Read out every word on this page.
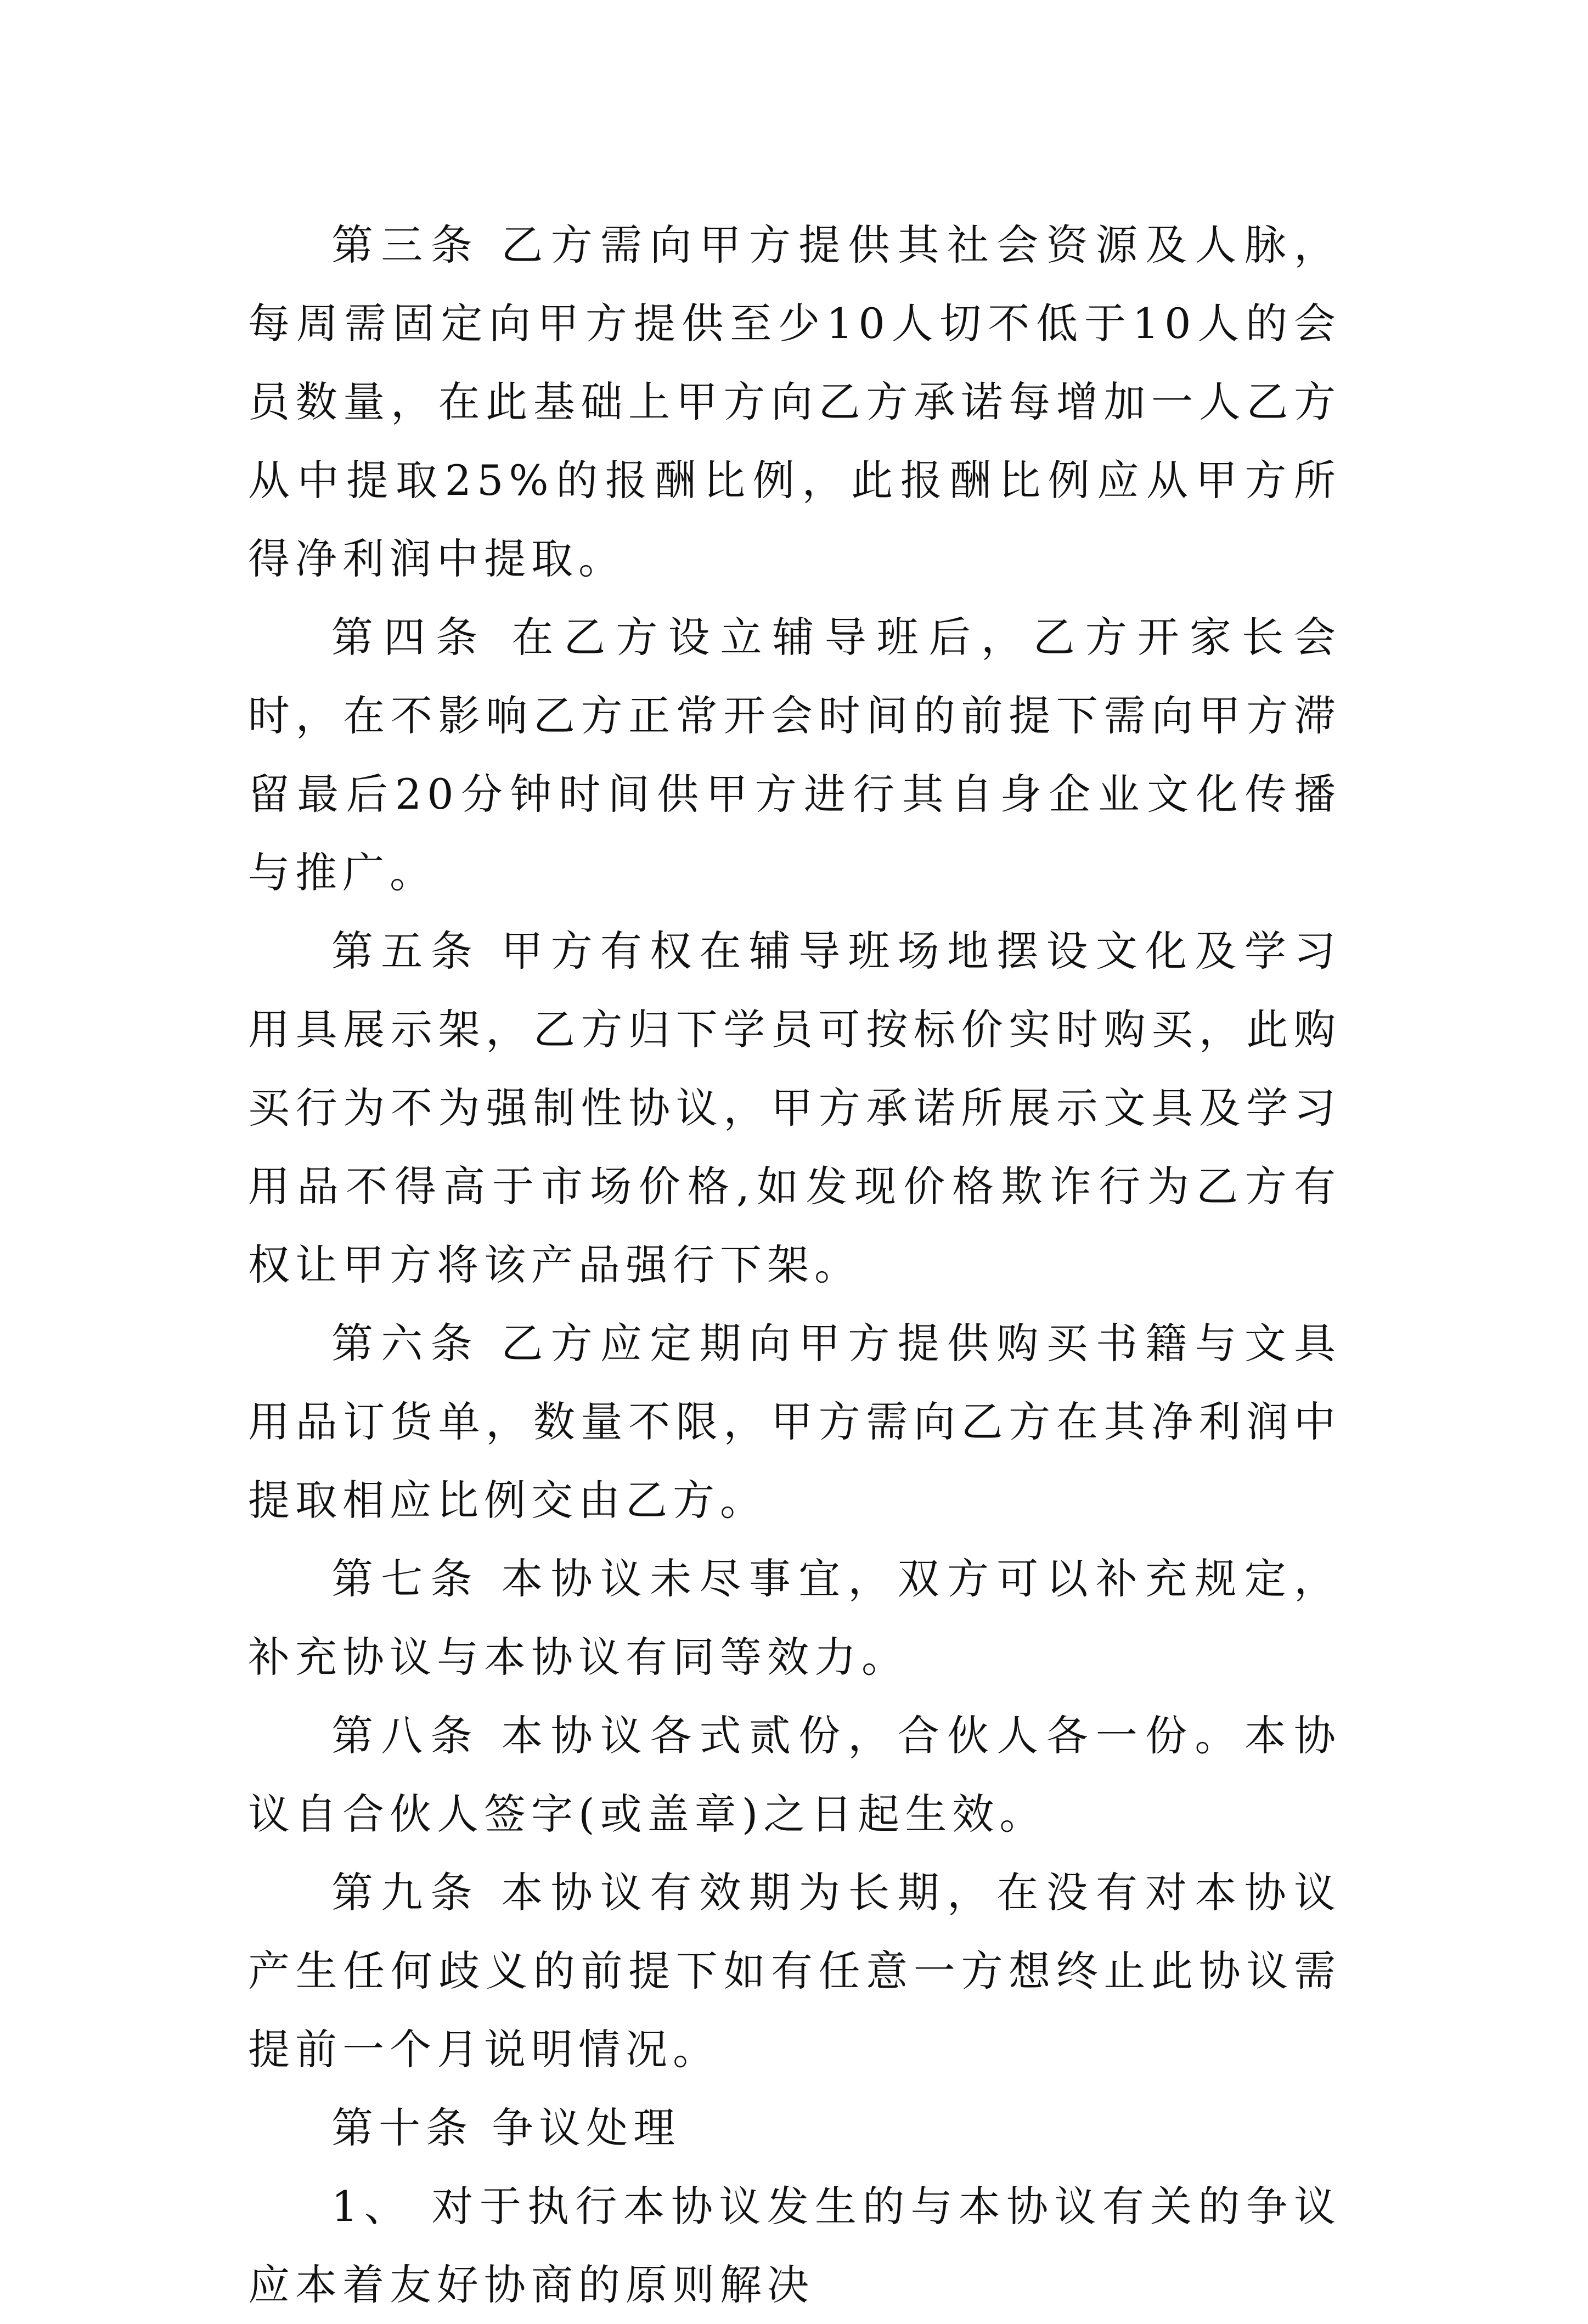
第三条 乙方需向甲方提供其社会资源及人脉，每周需固定向甲方提供至少10人切不低于10人的会员数量，在此基础上甲方向乙方承诺每增加一人乙方从中提取25%的报酬比例，此报酬比例应从甲方所得净利润中提取。

第四条 在乙方设立辅导班后，乙方开家长会时，在不影响乙方正常开会时间的前提下需向甲方滞留最后20分钟时间供甲方进行其自身企业文化传播与推广。

第五条 甲方有权在辅导班场地摆设文化及学习用具展示架，乙方归下学员可按标价实时购买，此购买行为不为强制性协议，甲方承诺所展示文具及学习用品不得高于市场价格,如发现价格欺诈行为乙方有权让甲方将该产品强行下架。

第六条 乙方应定期向甲方提供购买书籍与文具用品订货单，数量不限，甲方需向乙方在其净利润中提取相应比例交由乙方。

第七条 本协议未尽事宜，双方可以补充规定，补充协议与本协议有同等效力。

第八条 本协议各式贰份，合伙人各一份。本协议自合伙人签字(或盖章)之日起生效。

第九条 本协议有效期为长期，在没有对本协议产生任何歧义的前提下如有任意一方想终止此协议需提前一个月说明情况。

第十条 争议处理

1、 对于执行本协议发生的与本协议有关的争议应本着友好协商的原则解决
